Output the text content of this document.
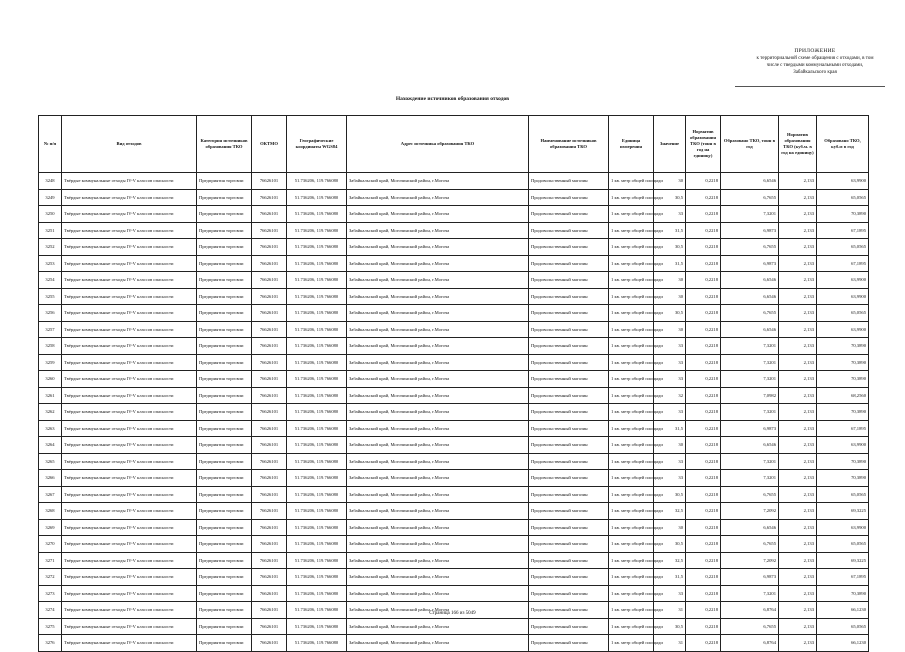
ПРИЛОЖЕНИЕ
к территориальной схеме обращения с отходами, в том
числе с твердыми коммунальными отходами,
Забайкальского края
Нахождение источников образования отходов
№ п/п	Вид отходов	Категория источников образования ТКО	ОКТМО	Географические координаты WGS84	Адрес источника образования ТКО	Наименование источников образования ТКО	Единица измерения	Значение	Норматив образования ТКО (тонн в год на единицу)	Образовано ТКО, тонн в год	Норматив образования ТКО (куб.м. в год на единицу)	Образовано ТКО, куб.м в год
3248	Твёрдые коммунальные отходы IV-V классов опасности	Предприятия торговли	76626101	51.736206, 119.766080	Забайкальский край, Могочинский район, г.Могоча	Продовольственный магазин	1 кв. метр общей площади	30	0,2218	6,6546	2,133	63,9900
3249	Твёрдые коммунальные отходы IV-V классов опасности	Предприятия торговли	76626101	51.736206, 119.766080	Забайкальский край, Могочинский район, г.Могоча	Продовольственный магазин	1 кв. метр общей площади	30,5	0,2218	6,7655	2,133	65,0565
3250	Твёрдые коммунальные отходы IV-V классов опасности	Предприятия торговли	76626101	51.736206, 119.766080	Забайкальский край, Могочинский район, г.Могоча	Продовольственный магазин	1 кв. метр общей площади	33	0,2218	7,3201	2,133	70,3890
3251	Твёрдые коммунальные отходы IV-V классов опасности	Предприятия торговли	76626101	51.736206, 119.766080	Забайкальский край, Могочинский район, г.Могоча	Продовольственный магазин	1 кв. метр общей площади	31,5	0,2218	6,9873	2,133	67,1895
3252	Твёрдые коммунальные отходы IV-V классов опасности	Предприятия торговли	76626101	51.736206, 119.766080	Забайкальский край, Могочинский район, г.Могоча	Продовольственный магазин	1 кв. метр общей площади	30,5	0,2218	6,7655	2,133	65,0565
3253	Твёрдые коммунальные отходы IV-V классов опасности	Предприятия торговли	76626101	51.736206, 119.766080	Забайкальский край, Могочинский район, г.Могоча	Продовольственный магазин	1 кв. метр общей площади	31,5	0,2218	6,9873	2,133	67,1895
3254	Твёрдые коммунальные отходы IV-V классов опасности	Предприятия торговли	76626101	51.736206, 119.766080	Забайкальский край, Могочинский район, г.Могоча	Продовольственный магазин	1 кв. метр общей площади	30	0,2218	6,6546	2,133	63,9900
3255	Твёрдые коммунальные отходы IV-V классов опасности	Предприятия торговли	76626101	51.736206, 119.766080	Забайкальский край, Могочинский район, г.Могоча	Продовольственный магазин	1 кв. метр общей площади	30	0,2218	6,6546	2,133	63,9900
3256	Твёрдые коммунальные отходы IV-V классов опасности	Предприятия торговли	76626101	51.736206, 119.766080	Забайкальский край, Могочинский район, г.Могоча	Продовольственный магазин	1 кв. метр общей площади	30,5	0,2218	6,7655	2,133	65,0565
3257	Твёрдые коммунальные отходы IV-V классов опасности	Предприятия торговли	76626101	51.736206, 119.766080	Забайкальский край, Могочинский район, г.Могоча	Продовольственный магазин	1 кв. метр общей площади	30	0,2218	6,6546	2,133	63,9900
3258	Твёрдые коммунальные отходы IV-V классов опасности	Предприятия торговли	76626101	51.736206, 119.766080	Забайкальский край, Могочинский район, г.Могоча	Продовольственный магазин	1 кв. метр общей площади	33	0,2218	7,3201	2,133	70,3890
3259	Твёрдые коммунальные отходы IV-V классов опасности	Предприятия торговли	76626101	51.736206, 119.766080	Забайкальский край, Могочинский район, г.Могоча	Продовольственный магазин	1 кв. метр общей площади	33	0,2218	7,3201	2,133	70,3890
3260	Твёрдые коммунальные отходы IV-V классов опасности	Предприятия торговли	76626101	51.736206, 119.766080	Забайкальский край, Могочинский район, г.Могоча	Продовольственный магазин	1 кв. метр общей площади	33	0,2218	7,3201	2,133	70,3890
3261	Твёрдые коммунальные отходы IV-V классов опасности	Предприятия торговли	76626101	51.736206, 119.766080	Забайкальский край, Могочинский район, г.Могоча	Продовольственный магазин	1 кв. метр общей площади	32	0,2218	7,0982	2,133	68,2560
3262	Твёрдые коммунальные отходы IV-V классов опасности	Предприятия торговли	76626101	51.736206, 119.766080	Забайкальский край, Могочинский район, г.Могоча	Продовольственный магазин	1 кв. метр общей площади	33	0,2218	7,3201	2,133	70,3890
3263	Твёрдые коммунальные отходы IV-V классов опасности	Предприятия торговли	76626101	51.736206, 119.766080	Забайкальский край, Могочинский район, г.Могоча	Продовольственный магазин	1 кв. метр общей площади	31,5	0,2218	6,9873	2,133	67,1895
3264	Твёрдые коммунальные отходы IV-V классов опасности	Предприятия торговли	76626101	51.736206, 119.766080	Забайкальский край, Могочинский район, г.Могоча	Продовольственный магазин	1 кв. метр общей площади	30	0,2218	6,6546	2,133	63,9900
3265	Твёрдые коммунальные отходы IV-V классов опасности	Предприятия торговли	76626101	51.736206, 119.766080	Забайкальский край, Могочинский район, г.Могоча	Продовольственный магазин	1 кв. метр общей площади	33	0,2218	7,3201	2,133	70,3890
3266	Твёрдые коммунальные отходы IV-V классов опасности	Предприятия торговли	76626101	51.736206, 119.766080	Забайкальский край, Могочинский район, г.Могоча	Продовольственный магазин	1 кв. метр общей площади	33	0,2218	7,3201	2,133	70,3890
3267	Твёрдые коммунальные отходы IV-V классов опасности	Предприятия торговли	76626101	51.736206, 119.766080	Забайкальский край, Могочинский район, г.Могоча	Продовольственный магазин	1 кв. метр общей площади	30,5	0,2218	6,7655	2,133	65,0565
3268	Твёрдые коммунальные отходы IV-V классов опасности	Предприятия торговли	76626101	51.736206, 119.766080	Забайкальский край, Могочинский район, г.Могоча	Продовольственный магазин	1 кв. метр общей площади	32,5	0,2218	7,2092	2,133	69,3225
3269	Твёрдые коммунальные отходы IV-V классов опасности	Предприятия торговли	76626101	51.736206, 119.766080	Забайкальский край, Могочинский район, г.Могоча	Продовольственный магазин	1 кв. метр общей площади	30	0,2218	6,6546	2,133	63,9900
3270	Твёрдые коммунальные отходы IV-V классов опасности	Предприятия торговли	76626101	51.736206, 119.766080	Забайкальский край, Могочинский район, г.Могоча	Продовольственный магазин	1 кв. метр общей площади	30,5	0,2218	6,7655	2,133	65,0565
3271	Твёрдые коммунальные отходы IV-V классов опасности	Предприятия торговли	76626101	51.736206, 119.766080	Забайкальский край, Могочинский район, г.Могоча	Продовольственный магазин	1 кв. метр общей площади	32,5	0,2218	7,2092	2,133	69,3225
3272	Твёрдые коммунальные отходы IV-V классов опасности	Предприятия торговли	76626101	51.736206, 119.766080	Забайкальский край, Могочинский район, г.Могоча	Продовольственный магазин	1 кв. метр общей площади	31,5	0,2218	6,9873	2,133	67,1895
3273	Твёрдые коммунальные отходы IV-V классов опасности	Предприятия торговли	76626101	51.736206, 119.766080	Забайкальский край, Могочинский район, г.Могоча	Продовольственный магазин	1 кв. метр общей площади	33	0,2218	7,3201	2,133	70,3890
3274	Твёрдые коммунальные отходы IV-V классов опасности	Предприятия торговли	76626101	51.736206, 119.766080	Забайкальский край, Могочинский район, г.Могоча	Продовольственный магазин	1 кв. метр общей площади	31	0,2218	6,8764	2,133	66,1230
3275	Твёрдые коммунальные отходы IV-V классов опасности	Предприятия торговли	76626101	51.736206, 119.766080	Забайкальский край, Могочинский район, г.Могоча	Продовольственный магазин	1 кв. метр общей площади	30,5	0,2218	6,7655	2,133	65,0565
3276	Твёрдые коммунальные отходы IV-V классов опасности	Предприятия торговли	76626101	51.736206, 119.766080	Забайкальский край, Могочинский район, г.Могоча	Продовольственный магазин	1 кв. метр общей площади	31	0,2218	6,8764	2,133	66,1230
Страница 166 из 5049
